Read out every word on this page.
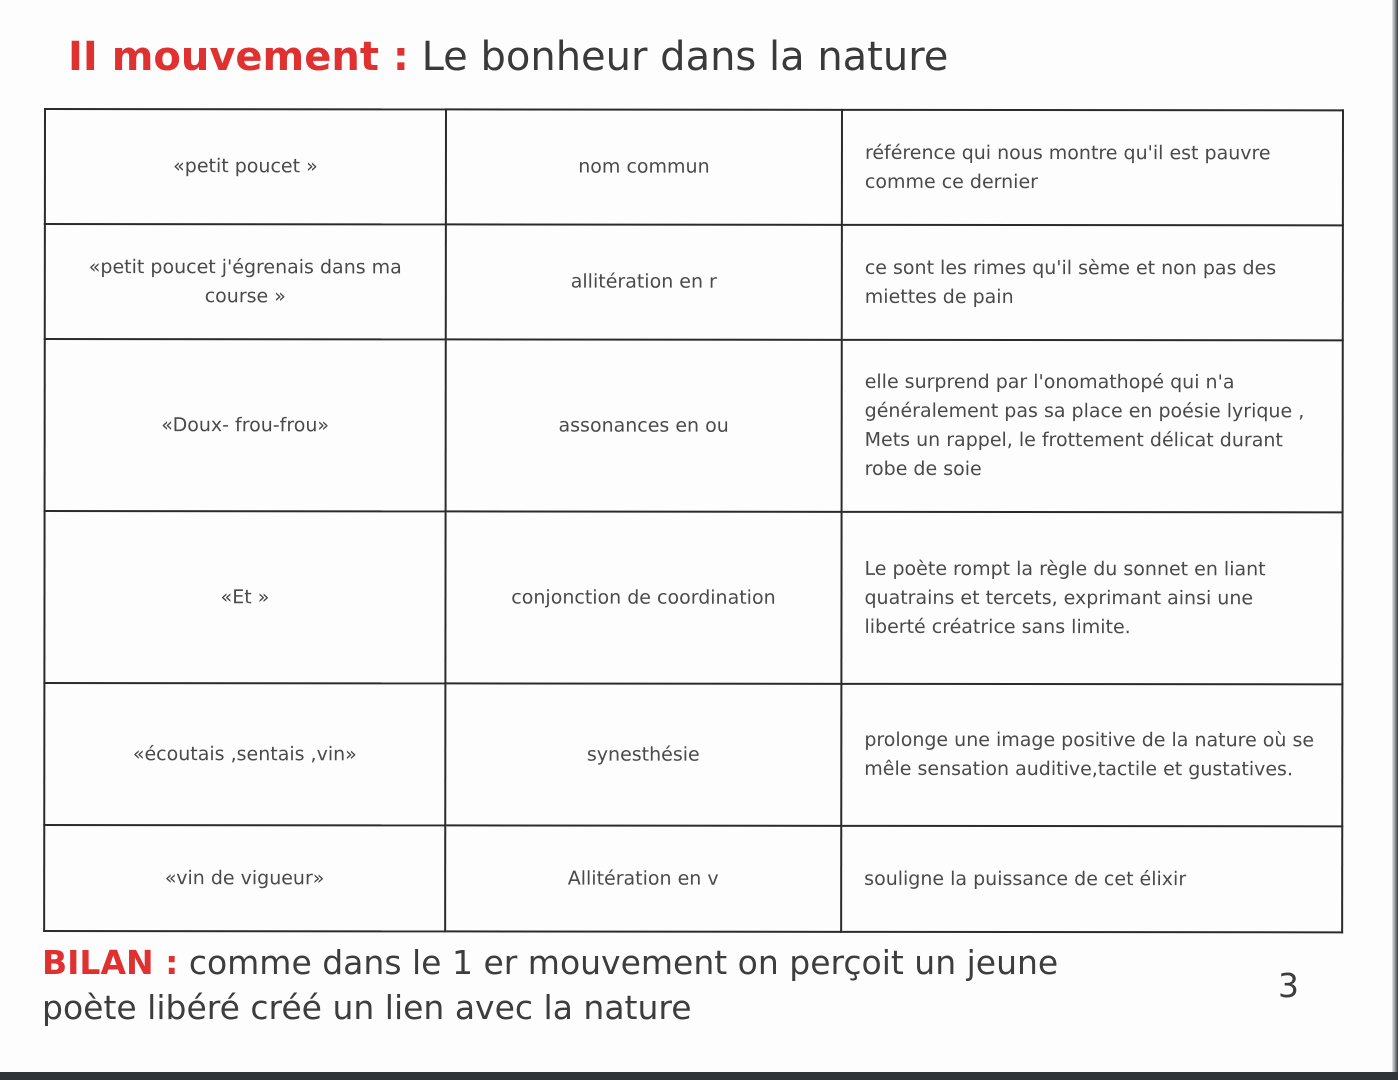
II mouvement : Le bonheur dans la nature
«petit poucet »	nom commun	référence qui nous montre qu'il est pauvre comme ce dernier
«petit poucet j'égrenais dans ma course »	allitération en r	ce sont les rimes qu'il sème et non pas des miettes de pain
«Doux- frou-frou»	assonances en ou	elle surprend par l'onomathopé qui n'a généralement pas sa place en poésie lyrique , Mets un rappel, le frottement délicat durant robe de soie
«Et »	conjonction de coordination	Le poète rompt la règle du sonnet en liant quatrains et tercets, exprimant ainsi une liberté créatrice sans limite.
«écoutais ,sentais ,vin»	synesthésie	prolonge une image positive de la nature où se mêle sensation auditive,tactile et gustatives.
«vin de vigueur»	Allitération en v	souligne la puissance de cet élixir
BILAN : comme dans le 1 er mouvement on perçoit un jeune poète libéré créé un lien avec la nature
3
